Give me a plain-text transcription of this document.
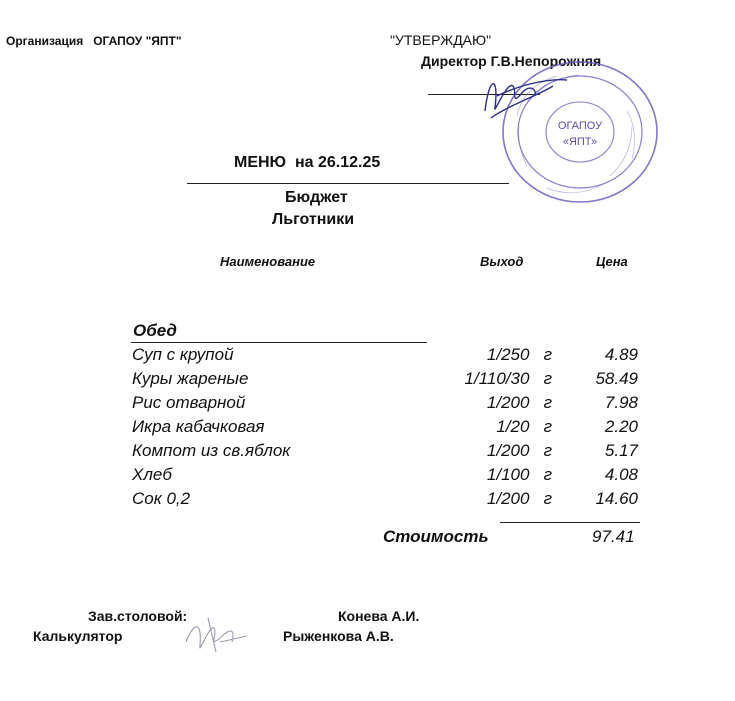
Организация ОГАПОУ "ЯПТ"	"УТВЕРЖДАЮ"
Директор Г.В.Непорожняя
ОГАПОУ
«ЯПТ»
МЕНЮ на 26.12.25
Бюджет
Льготники
Наименование	Выход	Цена
Обед
Суп с крупой	1/250 г	4.89
Куры жареные	1/110/30 г	58.49
Рис отварной	1/200 г	7.98
Икра кабачковая	1/20 г	2.20
Компот из св.яблок	1/200 г	5.17
Хлеб	1/100 г	4.08
Сок 0,2	1/200 г	14.60
Стоимость	97.41
Зав.столовой:	Конева А.И.
Калькулятор	Рыженкова А.В.
